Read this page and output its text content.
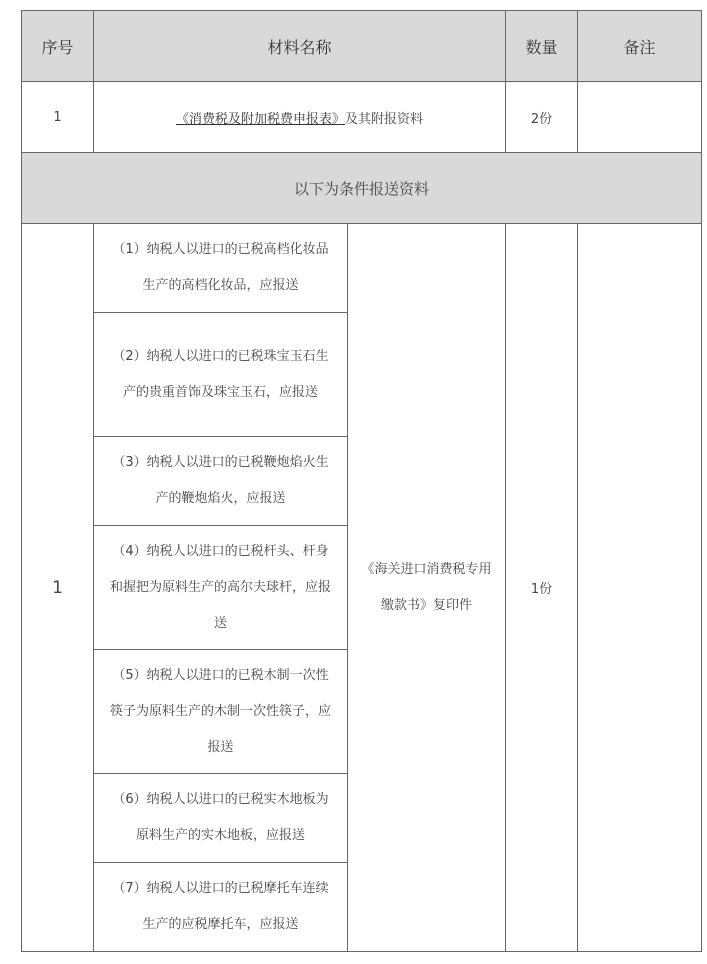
序号	材料名称		数量	备注
1	《消费税及附加税费申报表》及其附报资料		2份	
以下为条件报送资料				
1	（1）纳税人以进口的已税高档化妆品生产的高档化妆品，应报送	《海关进口消费税专用缴款书》复印件	1份	
	（2）纳税人以进口的已税珠宝玉石生产的贵重首饰及珠宝玉石，应报送			
	（3）纳税人以进口的已税鞭炮焰火生产的鞭炮焰火，应报送			
	（4）纳税人以进口的已税杆头、杆身和握把为原料生产的高尔夫球杆，应报送			
	（5）纳税人以进口的已税木制一次性筷子为原料生产的木制一次性筷子，应报送			
	（6）纳税人以进口的已税实木地板为原料生产的实木地板，应报送			
	（7）纳税人以进口的已税摩托车连续生产的应税摩托车，应报送			
